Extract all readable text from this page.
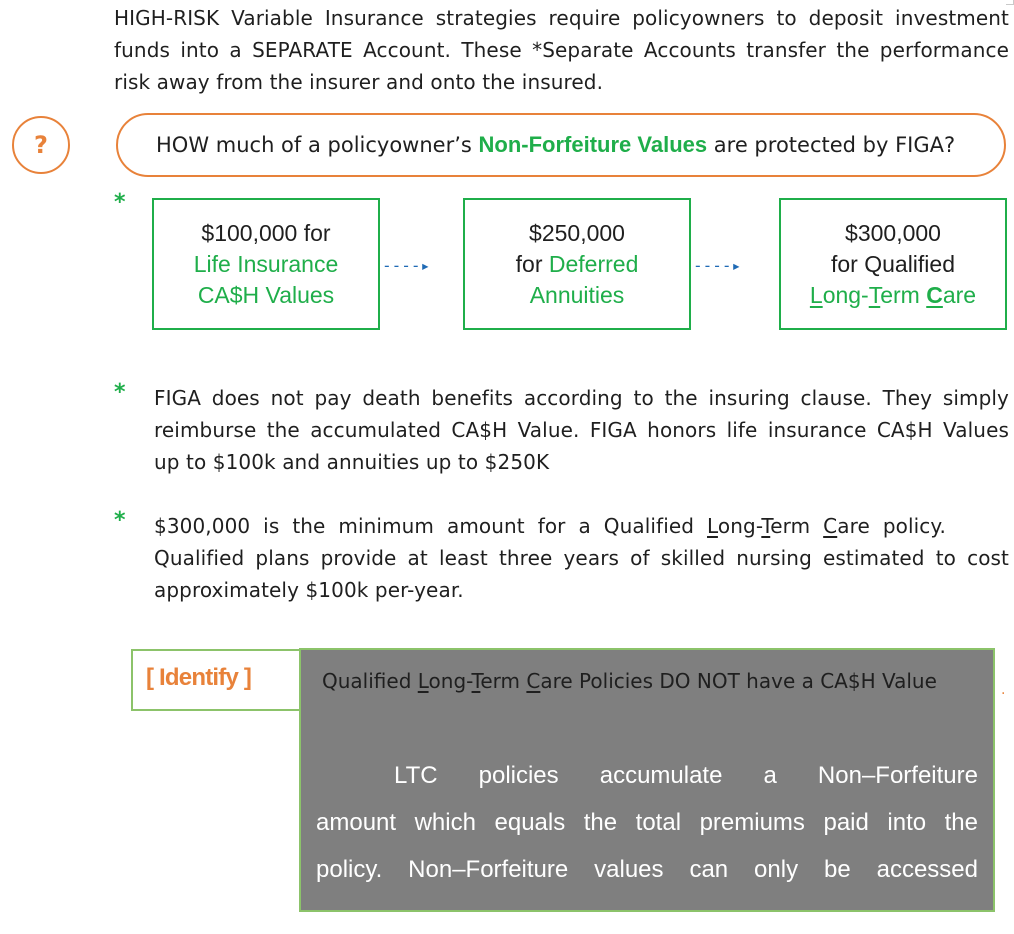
HIGH-RISK Variable Insurance strategies require policyowners to deposit investment
funds into a SEPARATE Account. These *Separate Accounts transfer the performance
risk away from the insurer and onto the insured.
?	HOW much of a policyowner’s Non-Forfeiture Values are protected by FIGA?
*
$100,000 for
Life Insurance
CA$H Values
----▸
$250,000
for Deferred
Annuities
----▸
$300,000
for Qualified
Long-Term Care
* FIGA does not pay death benefits according to the insuring clause. They simply
reimburse the accumulated CA$H Value. FIGA honors life insurance CA$H Values
up to $100k and annuities up to $250K
* $300,000 is the minimum amount for a Qualified Long-Term Care policy.
Qualified plans provide at least three years of skilled nursing estimated to cost
approximately $100k per-year.
[ Identify ]	Qualified Long-Term Care Policies DO NOT have a CA$H Value
LTC policies accumulate a Non–Forfeiture
amount which equals the total premiums paid into the
policy. Non–Forfeiture values can only be accessed
.
